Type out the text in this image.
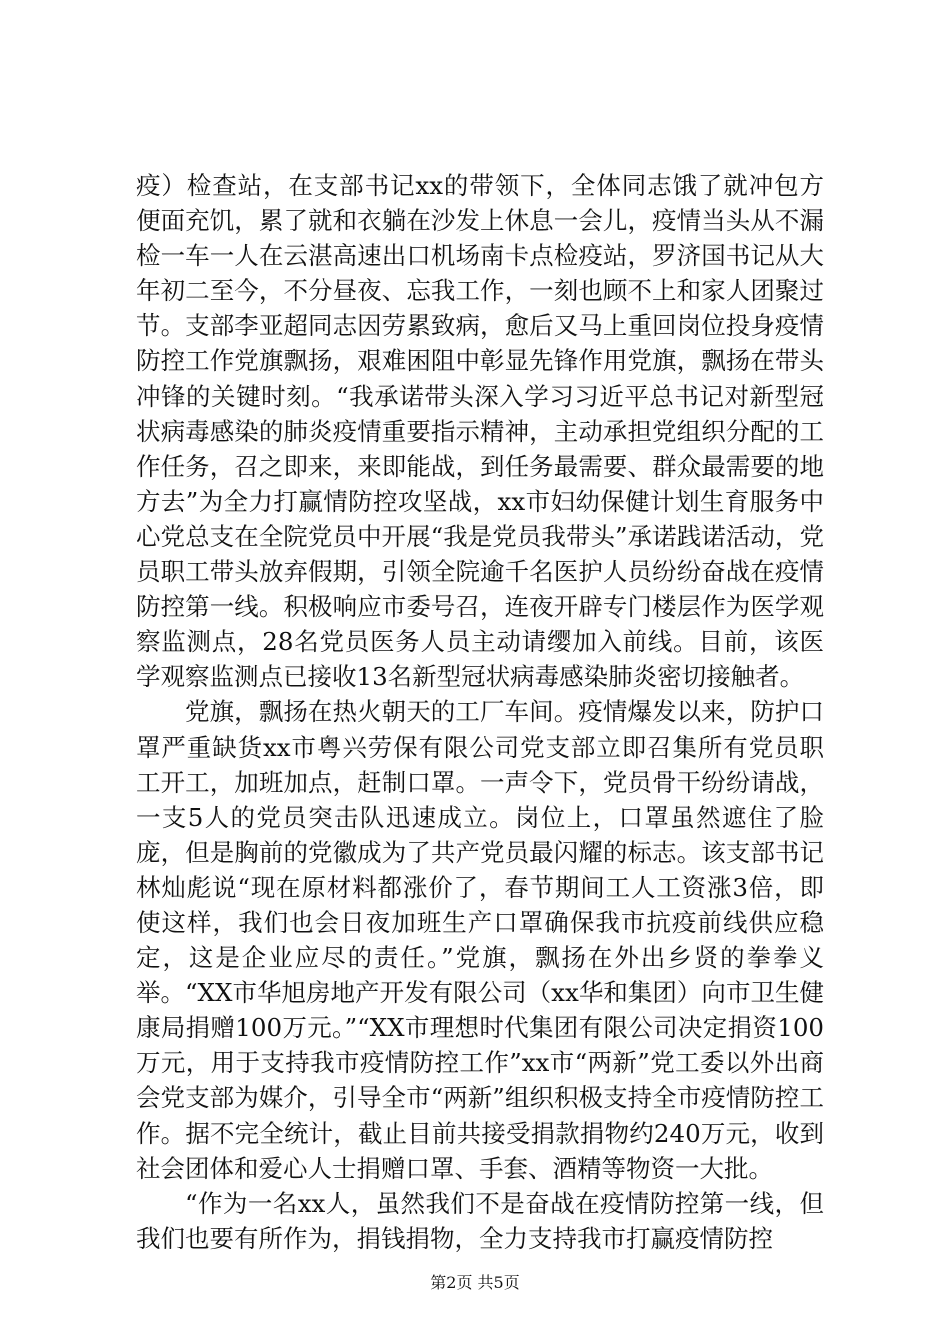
疫）检查站，在支部书记xx的带领下，全体同志饿了就冲包方便面充饥，累了就和衣躺在沙发上休息一会儿，疫情当头从不漏检一车一人在云湛高速出口机场南卡点检疫站，罗济国书记从大年初二至今，不分昼夜、忘我工作，一刻也顾不上和家人团聚过节。支部李亚超同志因劳累致病，愈后又马上重回岗位投身疫情防控工作党旗飘扬，艰难困阻中彰显先锋作用党旗，飘扬在带头冲锋的关键时刻。“我承诺带头深入学习习近平总书记对新型冠状病毒感染的肺炎疫情重要指示精神，主动承担党组织分配的工作任务，召之即来，来即能战，到任务最需要、群众最需要的地方去”为全力打赢情防控攻坚战，xx市妇幼保健计划生育服务中心党总支在全院党员中开展“我是党员我带头”承诺践诺活动，党员职工带头放弃假期，引领全院逾千名医护人员纷纷奋战在疫情防控第一线。积极响应市委号召，连夜开辟专门楼层作为医学观察监测点，28名党员医务人员主动请缨加入前线。目前，该医学观察监测点已接收13名新型冠状病毒感染肺炎密切接触者。

党旗，飘扬在热火朝天的工厂车间。疫情爆发以来，防护口罩严重缺货xx市粤兴劳保有限公司党支部立即召集所有党员职工开工，加班加点，赶制口罩。一声令下，党员骨干纷纷请战，一支5人的党员突击队迅速成立。岗位上，口罩虽然遮住了脸庞，但是胸前的党徽成为了共产党员最闪耀的标志。该支部书记林灿彪说“现在原材料都涨价了，春节期间工人工资涨3倍，即使这样，我们也会日夜加班生产口罩确保我市抗疫前线供应稳定，这是企业应尽的责任。”党旗，飘扬在外出乡贤的拳拳义举。“XX市华旭房地产开发有限公司（xx华和集团）向市卫生健康局捐赠100万元。”“XX市理想时代集团有限公司决定捐资100万元，用于支持我市疫情防控工作”xx市“两新”党工委以外出商会党支部为媒介，引导全市“两新”组织积极支持全市疫情防控工作。据不完全统计，截止目前共接受捐款捐物约240万元，收到社会团体和爱心人士捐赠口罩、手套、酒精等物资一大批。

“作为一名xx人，虽然我们不是奋战在疫情防控第一线，但我们也要有所作为，捐钱捐物，全力支持我市打赢疫情防控

第2页 共5页
